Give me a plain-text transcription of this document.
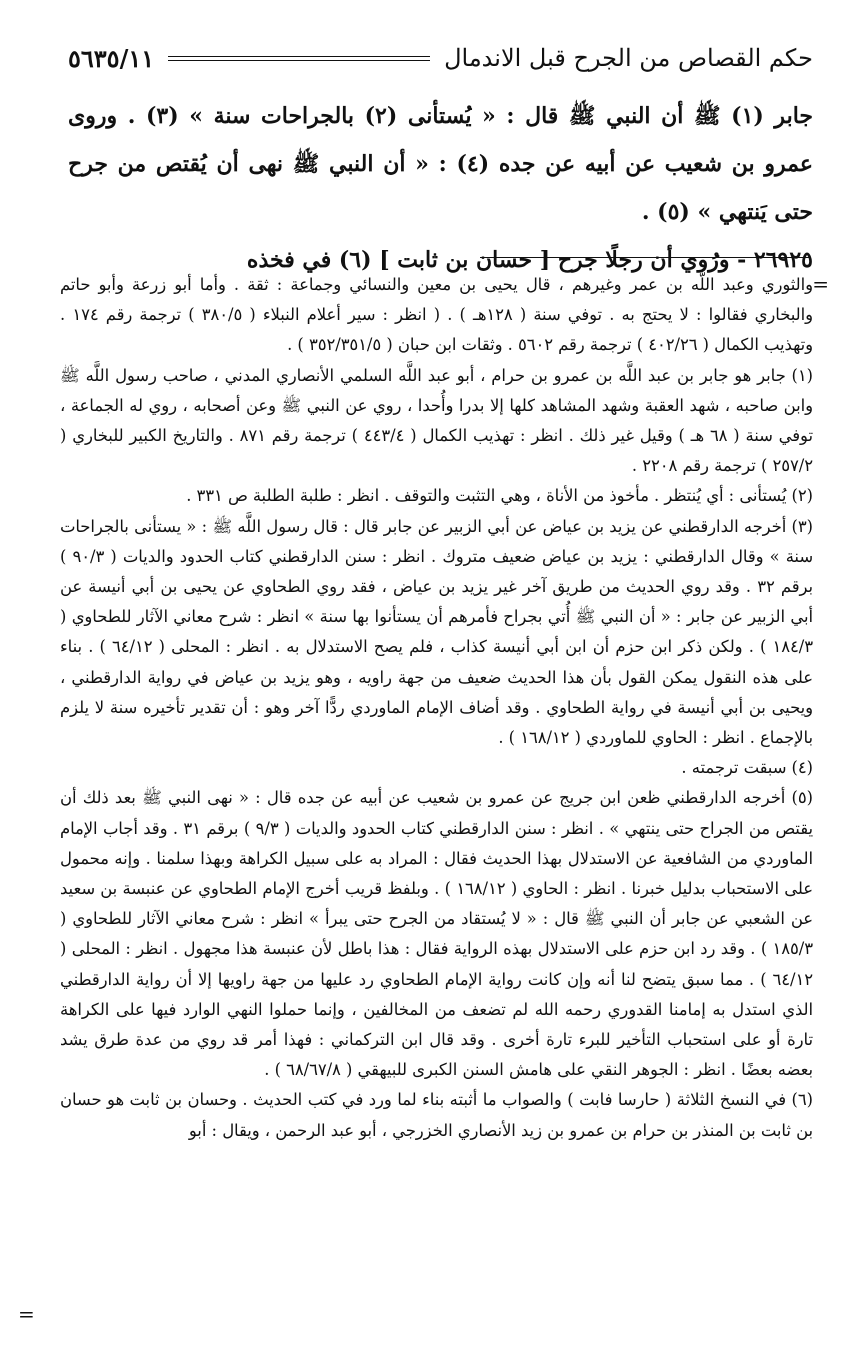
حكم القصاص من الجرح قبل الاندمال
٥٦٣٥/١١

جابر (١) ﷺ أن النبي ﷺ قال : « يُستأنى (٢) بالجراحات سنة » (٣) . وروى عمرو بن شعيب عن أبيه عن جده (٤) : « أن النبي ﷺ نهى أن يُقتص من جرح حتى يَنتهي » (٥) .

٢٦٩٢٥ - ورُوي أن رجلًا جرح [ حسان بن ثابت ] (٦) في فخذه

=

والثوري وعبد اللَّه بن عمر وغيرهم ، قال يحيى بن معين والنسائي وجماعة : ثقة . وأما أبو زرعة وأبو حاتم والبخاري فقالوا : لا يحتج به . توفي سنة ( ١٢٨هـ ) . ( انظر : سير أعلام النبلاء ( ٣٨٠/٥ ) ترجمة رقم ١٧٤ . وتهذيب الكمال ( ٤٠٢/٢٦ ) ترجمة رقم ٥٦٠٢ . وثقات ابن حبان ( ٣٥٢/٣٥١/٥ ) .

(١) جابر هو جابر بن عبد اللَّه بن عمرو بن حرام ، أبو عبد اللَّه السلمي الأنصاري المدني ، صاحب رسول اللَّه ﷺ وابن صاحبه ، شهد العقبة وشهد المشاهد كلها إلا بدرا وأُحدا ، روي عن النبي ﷺ وعن أصحابه ، روي له الجماعة ، توفي سنة ( ٦٨ هـ ) وقيل غير ذلك . انظر : تهذيب الكمال ( ٤٤٣/٤ ) ترجمة رقم ٨٧١ . والتاريخ الكبير للبخاري ( ٢٥٧/٢ ) ترجمة رقم ٢٢٠٨ .

(٢) يُستأنى : أي يُنتظر . مأخوذ من الأناة ، وهي التثبت والتوقف . انظر : طلبة الطلبة ص ٣٣١ .

(٣) أخرجه الدارقطني عن يزيد بن عياض عن أبي الزبير عن جابر قال : قال رسول اللَّه ﷺ : « يستأنى بالجراحات سنة » وقال الدارقطني : يزيد بن عياض ضعيف متروك . انظر : سنن الدارقطني كتاب الحدود والديات ( ٩٠/٣ ) برقم ٣٢ . وقد روي الحديث من طريق آخر غير يزيد بن عياض ، فقد روي الطحاوي عن يحيى بن أبي أنيسة عن أبي الزبير عن جابر : « أن النبي ﷺ أُتي بجراح فأمرهم أن يستأنوا بها سنة » انظر : شرح معاني الآثار للطحاوي ( ١٨٤/٣ ) . ولكن ذكر ابن حزم أن ابن أبي أنيسة كذاب ، فلم يصح الاستدلال به . انظر : المحلى ( ٦٤/١٢ ) . بناء على هذه النقول يمكن القول بأن هذا الحديث ضعيف من جهة راويه ، وهو يزيد بن عياض في رواية الدارقطني ، ويحيى بن أبي أنيسة في رواية الطحاوي . وقد أضاف الإمام الماوردي ردًّا آخر وهو : أن تقدير تأخيره سنة لا يلزم بالإجماع . انظر : الحاوي للماوردي ( ١٦٨/١٢ ) .

(٤) سبقت ترجمته .

(٥) أخرجه الدارقطني ظعن ابن جريج عن عمرو بن شعيب عن أبيه عن جده قال : « نهى النبي ﷺ بعد ذلك أن يقتص من الجراح حتى ينتهي » . انظر : سنن الدارقطني كتاب الحدود والديات ( ٩/٣ ) برقم ٣١ . وقد أجاب الإمام الماوردي من الشافعية عن الاستدلال بهذا الحديث فقال : المراد به على سبيل الكراهة وبهذا سلمنا . وإنه محمول على الاستحباب بدليل خبرنا . انظر : الحاوي ( ١٦٨/١٢ ) . وبلفظ قريب أخرج الإمام الطحاوي عن عنبسة بن سعيد عن الشعبي عن جابر أن النبي ﷺ قال : « لا يُستقاد من الجرح حتى يبرأ » انظر : شرح معاني الآثار للطحاوي ( ١٨٥/٣ ) . وقد رد ابن حزم على الاستدلال بهذه الرواية فقال : هذا باطل لأن عنبسة هذا مجهول . انظر : المحلى ( ٦٤/١٢ ) . مما سبق يتضح لنا أنه وإن كانت رواية الإمام الطحاوي رد عليها من جهة راويها إلا أن رواية الدارقطني الذي استدل به إمامنا القدوري رحمه الله لم تضعف من المخالفين ، وإنما حملوا النهي الوارد فيها على الكراهة تارة أو على استحباب التأخير للبرء تارة أخرى . وقد قال ابن التركماني : فهذا أمر قد روي من عدة طرق يشد بعضه بعضًا . انظر : الجوهر النقي على هامش السنن الكبرى للبيهقي ( ٦٨/٦٧/٨ ) .

(٦) في النسخ الثلاثة ( حارسا فابت ) والصواب ما أثبته بناء لما ورد في كتب الحديث . وحسان بن ثابت هو حسان بن ثابت بن المنذر بن حرام بن عمرو بن زيد الأنصاري الخزرجي ، أبو عبد الرحمن ، ويقال : أبو

=
